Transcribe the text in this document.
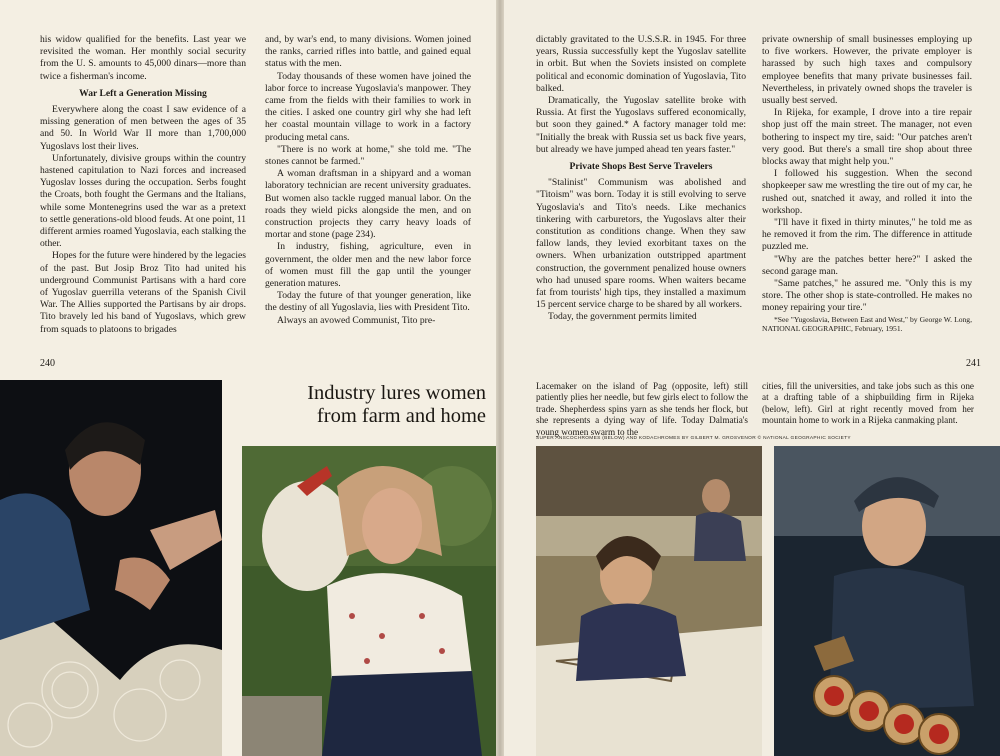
his widow qualified for the benefits. Last year we revisited the woman. Her monthly social security from the U. S. amounts to 45,000 dinars—more than twice a fisherman's income.

War Left a Generation Missing

Everywhere along the coast I saw evidence of a missing generation of men between the ages of 35 and 50. In World War II more than 1,700,000 Yugoslavs lost their lives.

Unfortunately, divisive groups within the country hastened capitulation to Nazi forces and increased Yugoslav losses during the occupation. Serbs fought the Croats, both fought the Germans and the Italians, while some Montenegrins used the war as a pretext to settle generations-old blood feuds. At one point, 11 different armies roamed Yugoslavia, each stalking the other.

Hopes for the future were hindered by the legacies of the past. But Josip Broz Tito had united his underground Communist Partisans with a hard core of Yugoslav guerrilla veterans of the Spanish Civil War. The Allies supported the Partisans by air drops. Tito bravely led his band of Yugoslavs, which grew from squads to platoons to brigades

and, by war's end, to many divisions. Women joined the ranks, carried rifles into battle, and gained equal status with the men.

Today thousands of these women have joined the labor force to increase Yugoslavia's manpower. They came from the fields with their families to work in the cities. I asked one country girl why she had left her coastal mountain village to work in a factory producing metal cans.

"There is no work at home," she told me. "The stones cannot be farmed."

A woman draftsman in a shipyard and a woman laboratory technician are recent university graduates. But women also tackle rugged manual labor. On the roads they wield picks alongside the men, and on construction projects they carry heavy loads of mortar and stone (page 234).

In industry, fishing, agriculture, even in government, the older men and the new labor force of women must fill the gap until the younger generation matures.

Today the future of that younger generation, like the destiny of all Yugoslavia, lies with President Tito.

Always an avowed Communist, Tito pre-

240
Industry lures women from farm and home

dictably gravitated to the U.S.S.R. in 1945. For three years, Russia successfully kept the Yugoslav satellite in orbit. But when the Soviets insisted on complete political and economic domination of Yugoslavia, Tito balked.

Dramatically, the Yugoslav satellite broke with Russia. At first the Yugoslavs suffered economically, but soon they gained.* A factory manager told me: "Initially the break with Russia set us back five years, but already we have jumped ahead ten years faster."

Private Shops Best Serve Travelers

"Stalinist" Communism was abolished and "Titoism" was born. Today it is still evolving to serve Yugoslavia's and Tito's needs. Like mechanics tinkering with carburetors, the Yugoslavs alter their constitution as conditions change. When they saw fallow lands, they levied exorbitant taxes on the owners. When urbanization outstripped apartment construction, the government penalized house owners who had unused spare rooms. When waiters became fat from tourists' high tips, they installed a maximum 15 percent service charge to be shared by all workers.

Today, the government permits limited

private ownership of small businesses employing up to five workers. However, the private employer is harassed by such high taxes and compulsory employee benefits that many private businesses fail. Nevertheless, in privately owned shops the traveler is usually best served.

In Rijeka, for example, I drove into a tire repair shop just off the main street. The manager, not even bothering to inspect my tire, said: "Our patches aren't very good. But there's a small tire shop about three blocks away that might help you."

I followed his suggestion. When the second shopkeeper saw me wrestling the tire out of my car, he rushed out, snatched it away, and rolled it into the workshop.

"I'll have it fixed in thirty minutes," he told me as he removed it from the rim. The difference in attitude puzzled me.

"Why are the patches better here?" I asked the second garage man.

"Same patches," he assured me. "Only this is my store. The other shop is state-controlled. He makes no money repairing your tire."

*See "Yugoslavia, Between East and West," by George W. Long, NATIONAL GEOGRAPHIC, February, 1951.

241
Lacemaker on the island of Pag (opposite, left) still patiently plies her needle, but few girls elect to follow the trade. Shepherdess spins yarn as she tends her flock, but she represents a dying way of life. Today Dalmatia's young women swarm to the
cities, fill the universities, and take jobs such as this one at a drafting table of a shipbuilding firm in Rijeka (below, left). Girl at right recently moved from her mountain home to work in a Rijeka canmaking plant.
SUPER ANSCOCHROMES (BELOW) AND KODACHROMES BY GILBERT M. GROSVENOR © NATIONAL GEOGRAPHIC SOCIETY
